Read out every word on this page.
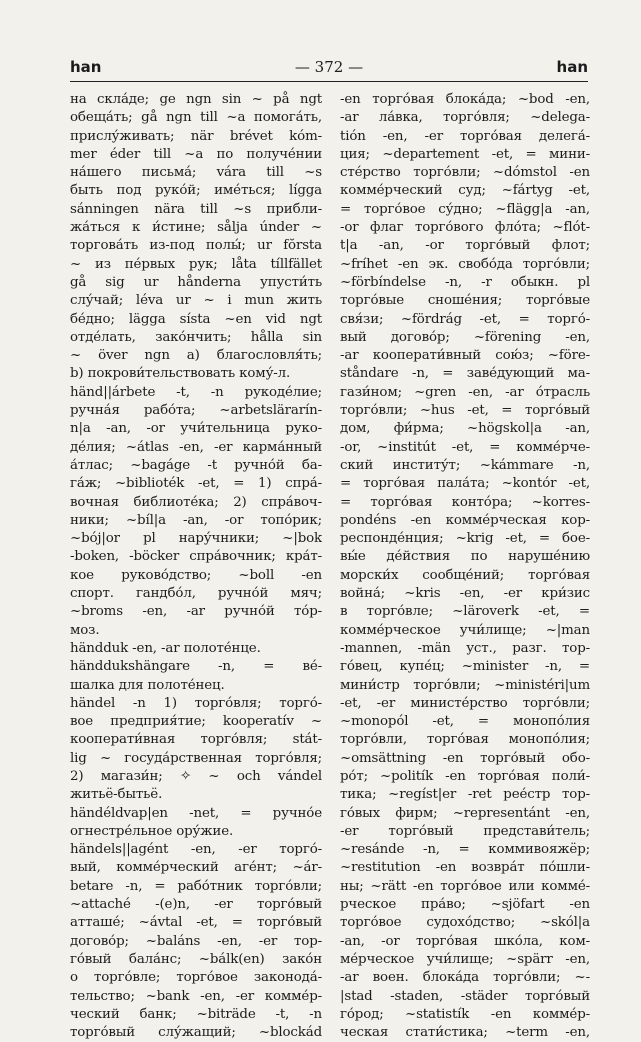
han	— 372 —	han
на скла́де; ge ngn sin ~ på ngt
обеща́ть; gå ngn till ~a помога́ть,
прислу́живать; när brévet kóm-
mer éder till ~a по получе́нии
на́шего письма́; vára till ~s
быть под руко́й; име́ться; lígga
sánningen nära till ~s прибли-
жа́ться к и́стине; sålja únder ~
торгова́ть из-под полы́; ur fŏrsta
~ из пе́рвых рук; låta tíllfället
gå sig ur hånderna упусти́ть
слу́чай; léva ur ~ i mun жить
бе́дно; lägga sísta ~en vid ngt
отде́лать, зако́нчить; hålla sin
~ över ngn a) благословля́ть;
b) покрови́тельствовать кому́-л.
händ||árbete -t, -n рукоде́лие;
ручна́я рабо́та; ~arbetslärarín-
n|a -an, -or учи́тельница руко-
де́лия; ~átlas -en, -er карма́нный
а́тлас; ~bagáge -t ручно́й ба-
га́ж; ~biblioték -et, = 1) спра́-
вочная библиоте́ка; 2) спра́воч-
ники; ~bíl|a -an, -or топо́рик;
~bój|or pl нару́чники; ~|bok
-boken, -böcker спра́вочник; кра́т-
кое руково́дство; ~boll -en
спорт. гандбо́л, ручно́й мяч;
~broms -en, -ar ручно́й то́р-
моз.
händduk -en, -ar полоте́нце.
händdukshängare -n, = ве́-
шалка для полоте́нец.
händel -n 1) торго́вля; торго́-
вое предприя́тие; kooperatív ~
кооперати́вная торго́вля; stát-
lig ~ госуда́рственная торго́вля;
2) магази́н; ✧ ~ och vándel
житьё-бытьё.
händéldvap|en -net, = ручно́е
огнестре́льное ору́жие.
händels||agént -en, -er торго́-
вый, комме́рческий аге́нт; ~ár-
betare -n, = рабо́тник торго́вли;
~attaché -(e)n, -er торго́вый
атташе́; ~ávtal -et, = торго́вый
догово́р; ~baláns -en, -er тор-
го́вый бала́нс; ~bálk(en) зако́н
о торго́вле; торго́вое законода́-
тельство; ~bank -en, -er комме́р-
ческий банк; ~biträde -t, -n
торго́вый слу́жащий; ~blockád
-en торго́вая блока́да; ~bod -en,
-ar ла́вка, торго́вля; ~delega-
tión -en, -er торго́вая делега́-
ция; ~departement -et, = мини-
сте́рство торго́вли; ~dómstol -en
комме́рческий суд; ~fártyg -et,
= торго́вое су́дно; ~flägg|a -an,
-or флаг торго́вого фло́та; ~flót-
t|a -an, -or торго́вый флот;
~fríhet -en эк. свобо́да торго́вли;
~förbíndelse -n, -r обыкн. pl
торго́вые сноше́ния; торго́вые
свя́зи; ~fördrág -et, = торго́-
вый догово́р; ~förening -en,
-ar кооперати́вный сою́з; ~före-
ståndare -n, = заве́дующий ма-
гази́ном; ~gren -en, -ar о́трасль
торго́вли; ~hus -et, = торго́вый
дом, фи́рма; ~högskol|a -an,
-or, ~institút -et, = комме́рче-
ский институ́т; ~kámmare -n,
= торго́вая пала́та; ~kontór -et,
= торго́вая конто́ра; ~korres-
pondéns -en комме́рческая кор-
респонде́нция; ~krig -et, = бое-
вы́е де́йствия по наруше́нию
морски́х сообще́ний; торго́вая
война́; ~kris -en, -er кри́зис
в торго́вле; ~läroverk -et, =
комме́рческое учи́лище; ~|man
-mannen, -män уст., разг. тор-
го́вец, купе́ц; ~minister -n, =
мини́стр торго́вли; ~ministéri|um
-et, -er министе́рство торго́вли;
~monopól -et, = монопо́лия
торго́вли, торго́вая монопо́лия;
~omsättning -en торго́вый обо-
ро́т; ~politík -en торго́вая поли́-
тика; ~regíst|er -ret рее́стр тор-
го́вых фирм; ~representánt -en,
-er торго́вый представи́тель;
~resánde -n, = коммивояжёр;
~restitution -en возвра́т по́шли-
ны; ~rätt -en торго́вое или комме́-
рческое пра́во; ~sjöfart -en
торго́вое судохо́дство; ~skól|a
-an, -or торго́вая шко́ла, ком-
ме́рческое учи́лище; ~spärr -en,
-ar воен. блока́да торго́вли; ~-
|stad -staden, -städer торго́вый
го́род; ~statistík -en комме́р-
ческая стати́стика; ~term -en,
